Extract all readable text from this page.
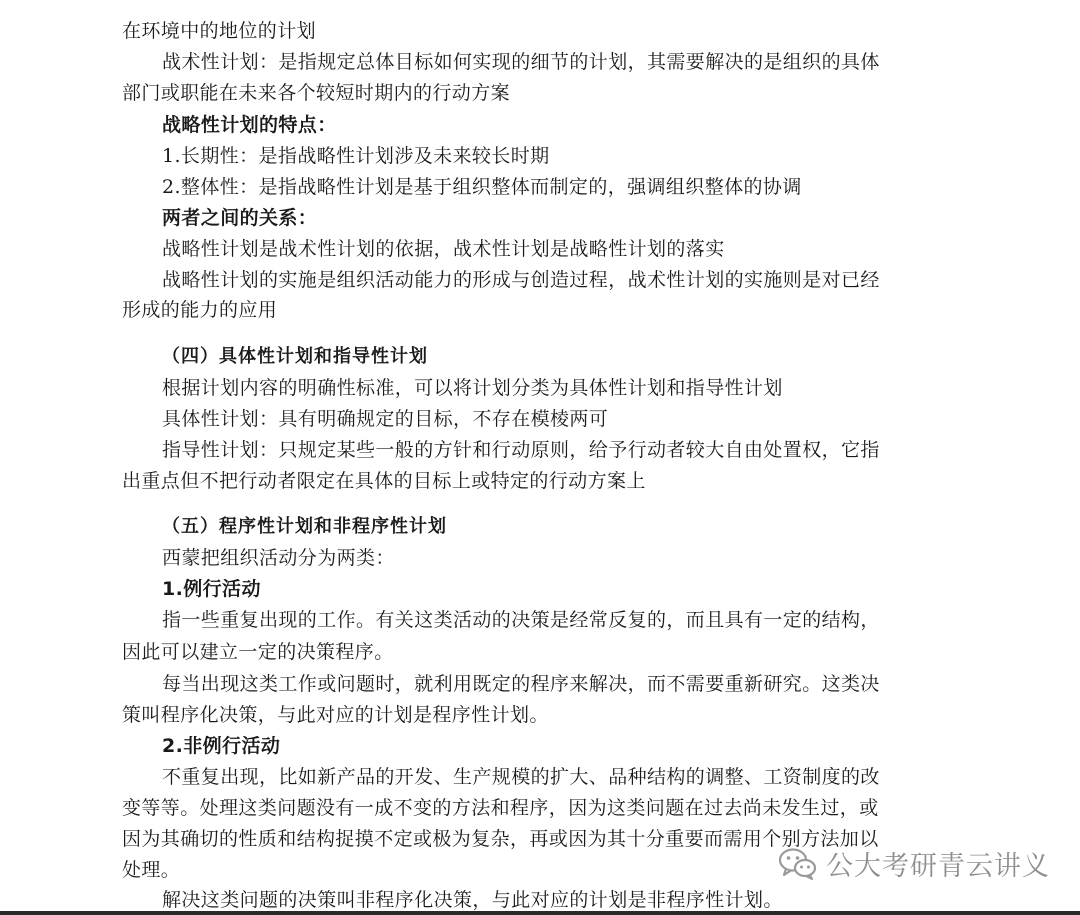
在环境中的地位的计划
战术性计划：是指规定总体目标如何实现的细节的计划，其需要解决的是组织的具体
部门或职能在未来各个较短时期内的行动方案
战略性计划的特点：
1.长期性：是指战略性计划涉及未来较长时期
2.整体性：是指战略性计划是基于组织整体而制定的，强调组织整体的协调
两者之间的关系：
战略性计划是战术性计划的依据，战术性计划是战略性计划的落实
战略性计划的实施是组织活动能力的形成与创造过程，战术性计划的实施则是对已经
形成的能力的应用
（四）具体性计划和指导性计划
根据计划内容的明确性标准，可以将计划分类为具体性计划和指导性计划
具体性计划：具有明确规定的目标，不存在模棱两可
指导性计划：只规定某些一般的方针和行动原则，给予行动者较大自由处置权，它指
出重点但不把行动者限定在具体的目标上或特定的行动方案上
（五）程序性计划和非程序性计划
西蒙把组织活动分为两类：
1.例行活动
指一些重复出现的工作。有关这类活动的决策是经常反复的，而且具有一定的结构，
因此可以建立一定的决策程序。
每当出现这类工作或问题时，就利用既定的程序来解决，而不需要重新研究。这类决
策叫程序化决策，与此对应的计划是程序性计划。
2.非例行活动
不重复出现，比如新产品的开发、生产规模的扩大、品种结构的调整、工资制度的改
变等等。处理这类问题没有一成不变的方法和程序，因为这类问题在过去尚未发生过，或
因为其确切的性质和结构捉摸不定或极为复杂，再或因为其十分重要而需用个别方法加以
处理。
解决这类问题的决策叫非程序化决策，与此对应的计划是非程序性计划。
公大考研青云讲义
